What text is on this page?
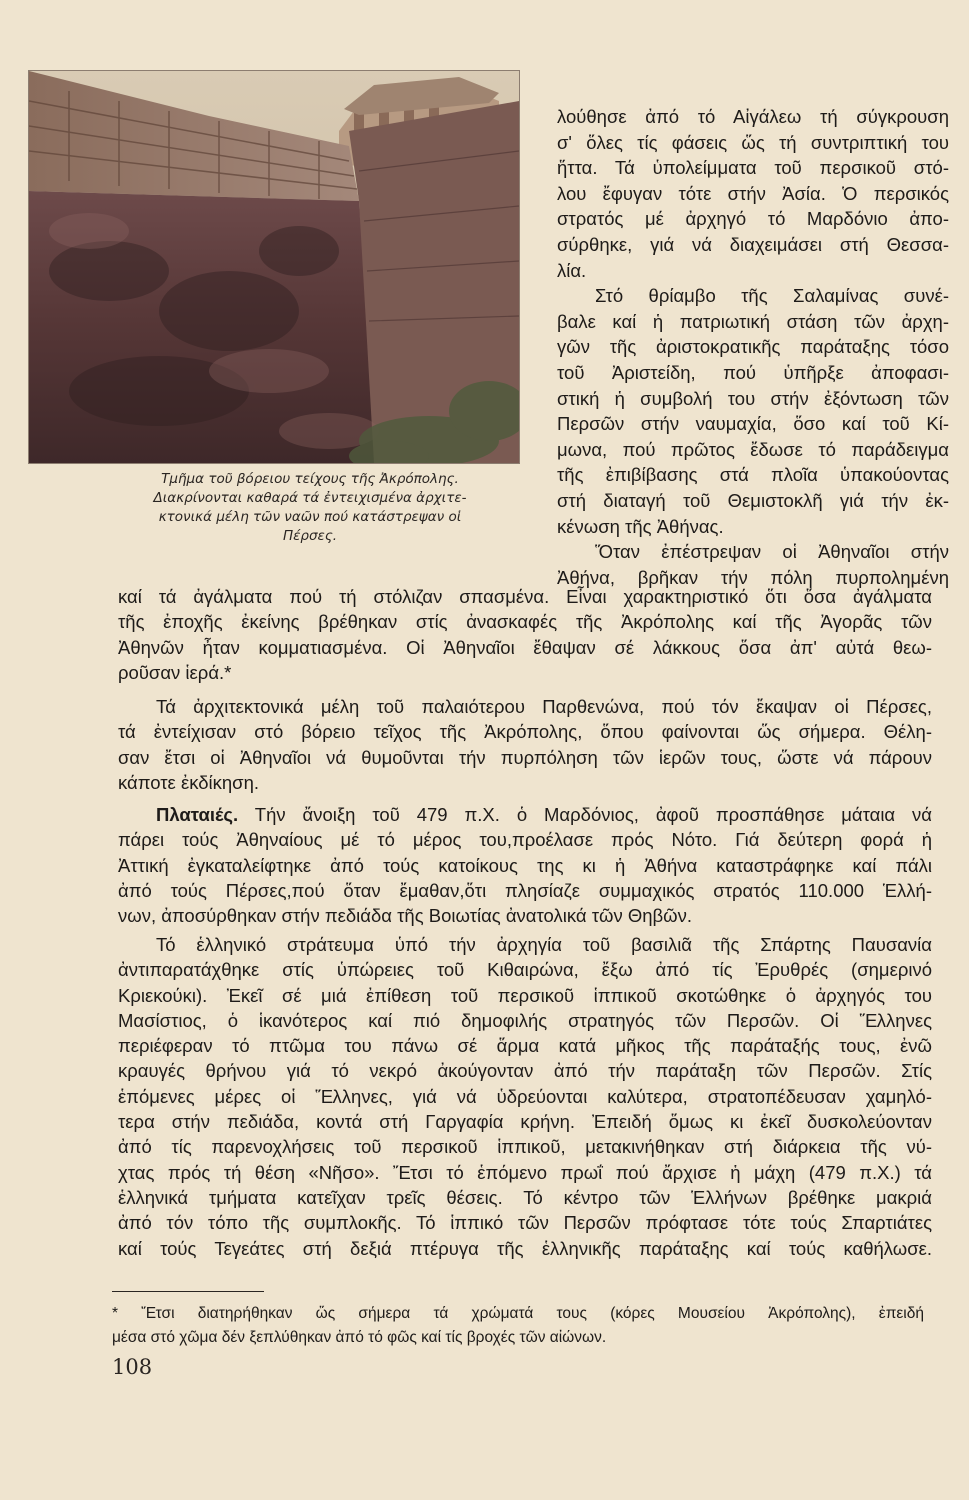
Τμῆμα τοῦ βόρειου τείχους τῆς Ἀκρόπολης.
Διακρίνονται καθαρά τά ἐντειχισμένα ἀρχιτε-
κτονικά μέλη τῶν ναῶν πού κατάστρεψαν οἱ
Πέρσες.
λούθησε ἀπό τό Αἰγάλεω τή σύγκρουση
σ' ὅλες τίς φάσεις ὥς τή συντριπτική του
ἥττα. Τά ὑπολείμματα τοῦ περσικοῦ στό-
λου ἔφυγαν τότε στήν Ἀσία. Ὁ περσικός
στρατός μέ ἀρχηγό τό Μαρδόνιο ἀπο-
σύρθηκε, γιά νά διαχειμάσει στή Θεσσα-
λία.
Στό θρίαμβο τῆς Σαλαμίνας συνέ-
βαλε καί ἡ πατριωτική στάση τῶν ἀρχη-
γῶν τῆς ἀριστοκρατικῆς παράταξης τόσο
τοῦ Ἀριστείδη, πού ὑπῆρξε ἀποφασι-
στική ἡ συμβολή του στήν ἐξόντωση τῶν
Περσῶν στήν ναυμαχία, ὅσο καί τοῦ Κί-
μωνα, πού πρῶτος ἔδωσε τό παράδειγμα
τῆς ἐπιβίβασης στά πλοῖα ὑπακούοντας
στή διαταγή τοῦ Θεμιστοκλῆ γιά τήν ἐκ-
κένωση τῆς Ἀθήνας.
Ὅταν ἐπέστρεψαν οἱ Ἀθηναῖοι στήν
Ἀθήνα, βρῆκαν τήν πόλη πυρπολημένη
καί τά ἀγάλματα πού τή στόλιζαν σπασμένα. Εἶναι χαρακτηριστικό ὅτι ὅσα ἀγάλματα
τῆς ἐποχῆς ἐκείνης βρέθηκαν στίς ἀνασκαφές τῆς Ἀκρόπολης καί τῆς Ἀγορᾶς τῶν
Ἀθηνῶν ἦταν κομματιασμένα. Οἱ Ἀθηναῖοι ἔθαψαν σέ λάκκους ὅσα ἀπ' αὐτά θεω-
ροῦσαν ἱερά.*
Τά ἀρχιτεκτονικά μέλη τοῦ παλαιότερου Παρθενώνα, πού τόν ἔκαψαν οἱ Πέρσες,
τά ἐντείχισαν στό βόρειο τεῖχος τῆς Ἀκρόπολης, ὅπου φαίνονται ὥς σήμερα. Θέλη-
σαν ἔτσι οἱ Ἀθηναῖοι νά θυμοῦνται τήν πυρπόληση τῶν ἱερῶν τους, ὥστε νά πάρουν
κάποτε ἐκδίκηση.
Πλαταιές. Τήν ἄνοιξη τοῦ 479 π.Χ. ὁ Μαρδόνιος, ἀφοῦ προσπάθησε μάταια νά
πάρει τούς Ἀθηναίους μέ τό μέρος του,προέλασε πρός Νότο. Γιά δεύτερη φορά ἡ
Ἀττική ἐγκαταλείφτηκε ἀπό τούς κατοίκους της κι ἡ Ἀθήνα καταστράφηκε καί πάλι
ἀπό τούς Πέρσες,πού ὅταν ἔμαθαν,ὅτι πλησίαζε συμμαχικός στρατός 110.000 Ἑλλή-
νων, ἀποσύρθηκαν στήν πεδιάδα τῆς Βοιωτίας ἀνατολικά τῶν Θηβῶν.
Τό ἑλληνικό στράτευμα ὑπό τήν ἀρχηγία τοῦ βασιλιᾶ τῆς Σπάρτης Παυσανία
ἀντιπαρατάχθηκε στίς ὑπώρειες τοῦ Κιθαιρώνα, ἔξω ἀπό τίς Ἐρυθρές (σημερινό
Κριεκούκι). Ἐκεῖ σέ μιά ἐπίθεση τοῦ περσικοῦ ἱππικοῦ σκοτώθηκε ὁ ἀρχηγός του
Μασίστιος, ὁ ἱκανότερος καί πιό δημοφιλής στρατηγός τῶν Περσῶν. Οἱ Ἕλληνες
περιέφεραν τό πτῶμα του πάνω σέ ἅρμα κατά μῆκος τῆς παράταξής τους, ἐνῶ
κραυγές θρήνου γιά τό νεκρό ἀκούγονταν ἀπό τήν παράταξη τῶν Περσῶν. Στίς
ἑπόμενες μέρες οἱ Ἕλληνες, γιά νά ὑδρεύονται καλύτερα, στρατοπέδευσαν χαμηλό-
τερα στήν πεδιάδα, κοντά στή Γαργαφία κρήνη. Ἐπειδή ὅμως κι ἐκεῖ δυσκολεύονταν
ἀπό τίς παρενοχλήσεις τοῦ περσικοῦ ἱππικοῦ, μετακινήθηκαν στή διάρκεια τῆς νύ-
χτας πρός τή θέση «Νῆσο». Ἔτσι τό ἑπόμενο πρωΐ πού ἄρχισε ἡ μάχη (479 π.Χ.) τά
ἑλληνικά τμήματα κατεῖχαν τρεῖς θέσεις. Τό κέντρο τῶν Ἑλλήνων βρέθηκε μακριά
ἀπό τόν τόπο τῆς συμπλοκῆς. Τό ἱππικό τῶν Περσῶν πρόφτασε τότε τούς Σπαρτιάτες
καί τούς Τεγεάτες στή δεξιά πτέρυγα τῆς ἑλληνικῆς παράταξης καί τούς καθήλωσε.
* Ἔτσι διατηρήθηκαν ὥς σήμερα τά χρώματά τους (κόρες Μουσείου Ἀκρόπολης), ἐπειδή
μέσα στό χῶμα δέν ξεπλύθηκαν ἀπό τό φῶς καί τίς βροχές τῶν αἰώνων.
108
